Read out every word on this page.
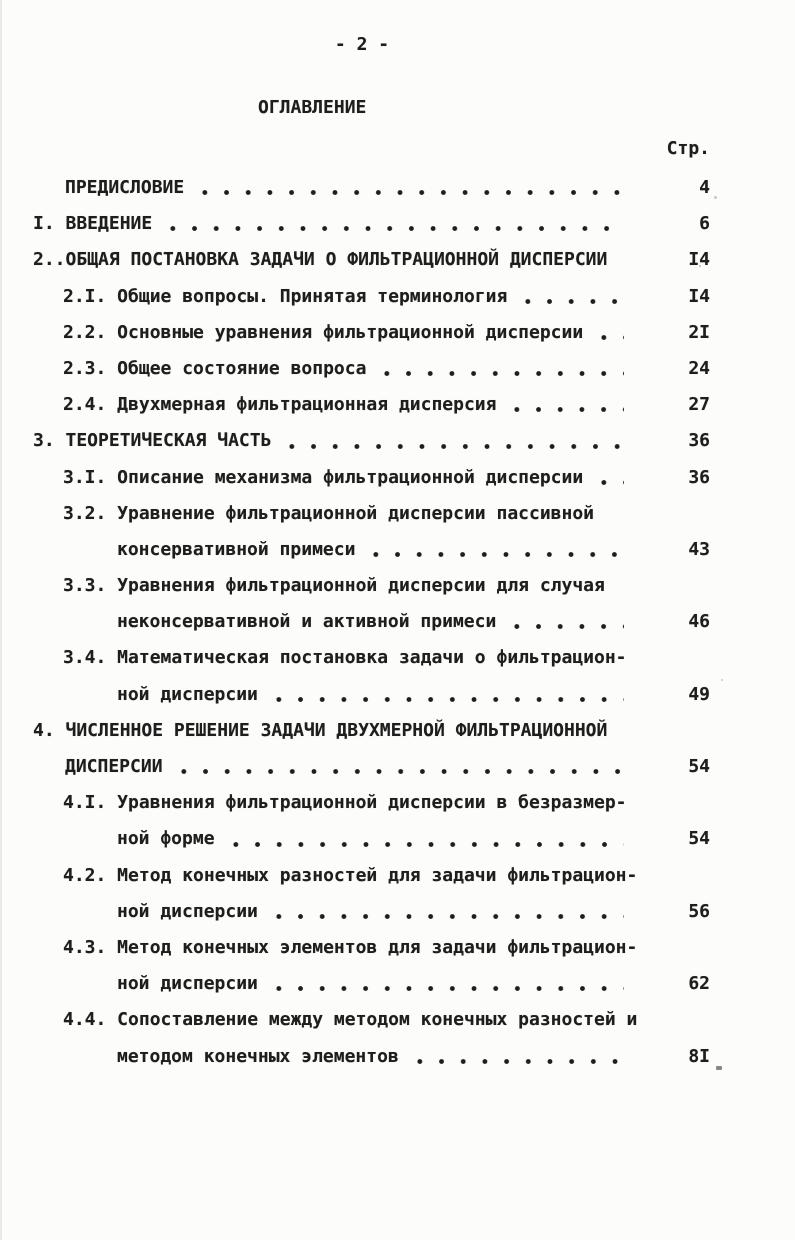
- 2 -
ОГЛАВЛЕНИЕ
Стр.
ПРЕДИСЛОВИЕ	4
I. ВВЕДЕНИЕ	6
2..ОБЩАЯ ПОСТАНОВКА ЗАДАЧИ О ФИЛЬТРАЦИОННОЙ ДИСПЕРСИИ	I4
2.I. Общие вопросы. Принятая терминология	I4
2.2. Основные уравнения фильтрационной дисперсии	2I
2.3. Общее состояние вопроса	24
2.4. Двухмерная фильтрационная дисперсия	27
3. ТЕОРЕТИЧЕСКАЯ ЧАСТЬ	36
3.I. Описание механизма фильтрационной дисперсии	36
3.2. Уравнение фильтрационной дисперсии пассивной
консервативной примеси	43
3.3. Уравнения фильтрационной дисперсии для случая
неконсервативной и активной примеси	46
3.4. Математическая постановка задачи о фильтрацион-
ной дисперсии	49
4. ЧИСЛЕННОЕ РЕШЕНИЕ ЗАДАЧИ ДВУХМЕРНОЙ ФИЛЬТРАЦИОННОЙ
ДИСПЕРСИИ	54
4.I. Уравнения фильтрационной дисперсии в безразмер-
ной форме	54
4.2. Метод конечных разностей для задачи фильтрацион-
ной дисперсии	56
4.3. Метод конечных элементов для задачи фильтрацион-
ной дисперсии	62
4.4. Сопоставление между методом конечных разностей и
методом конечных элементов	8I
